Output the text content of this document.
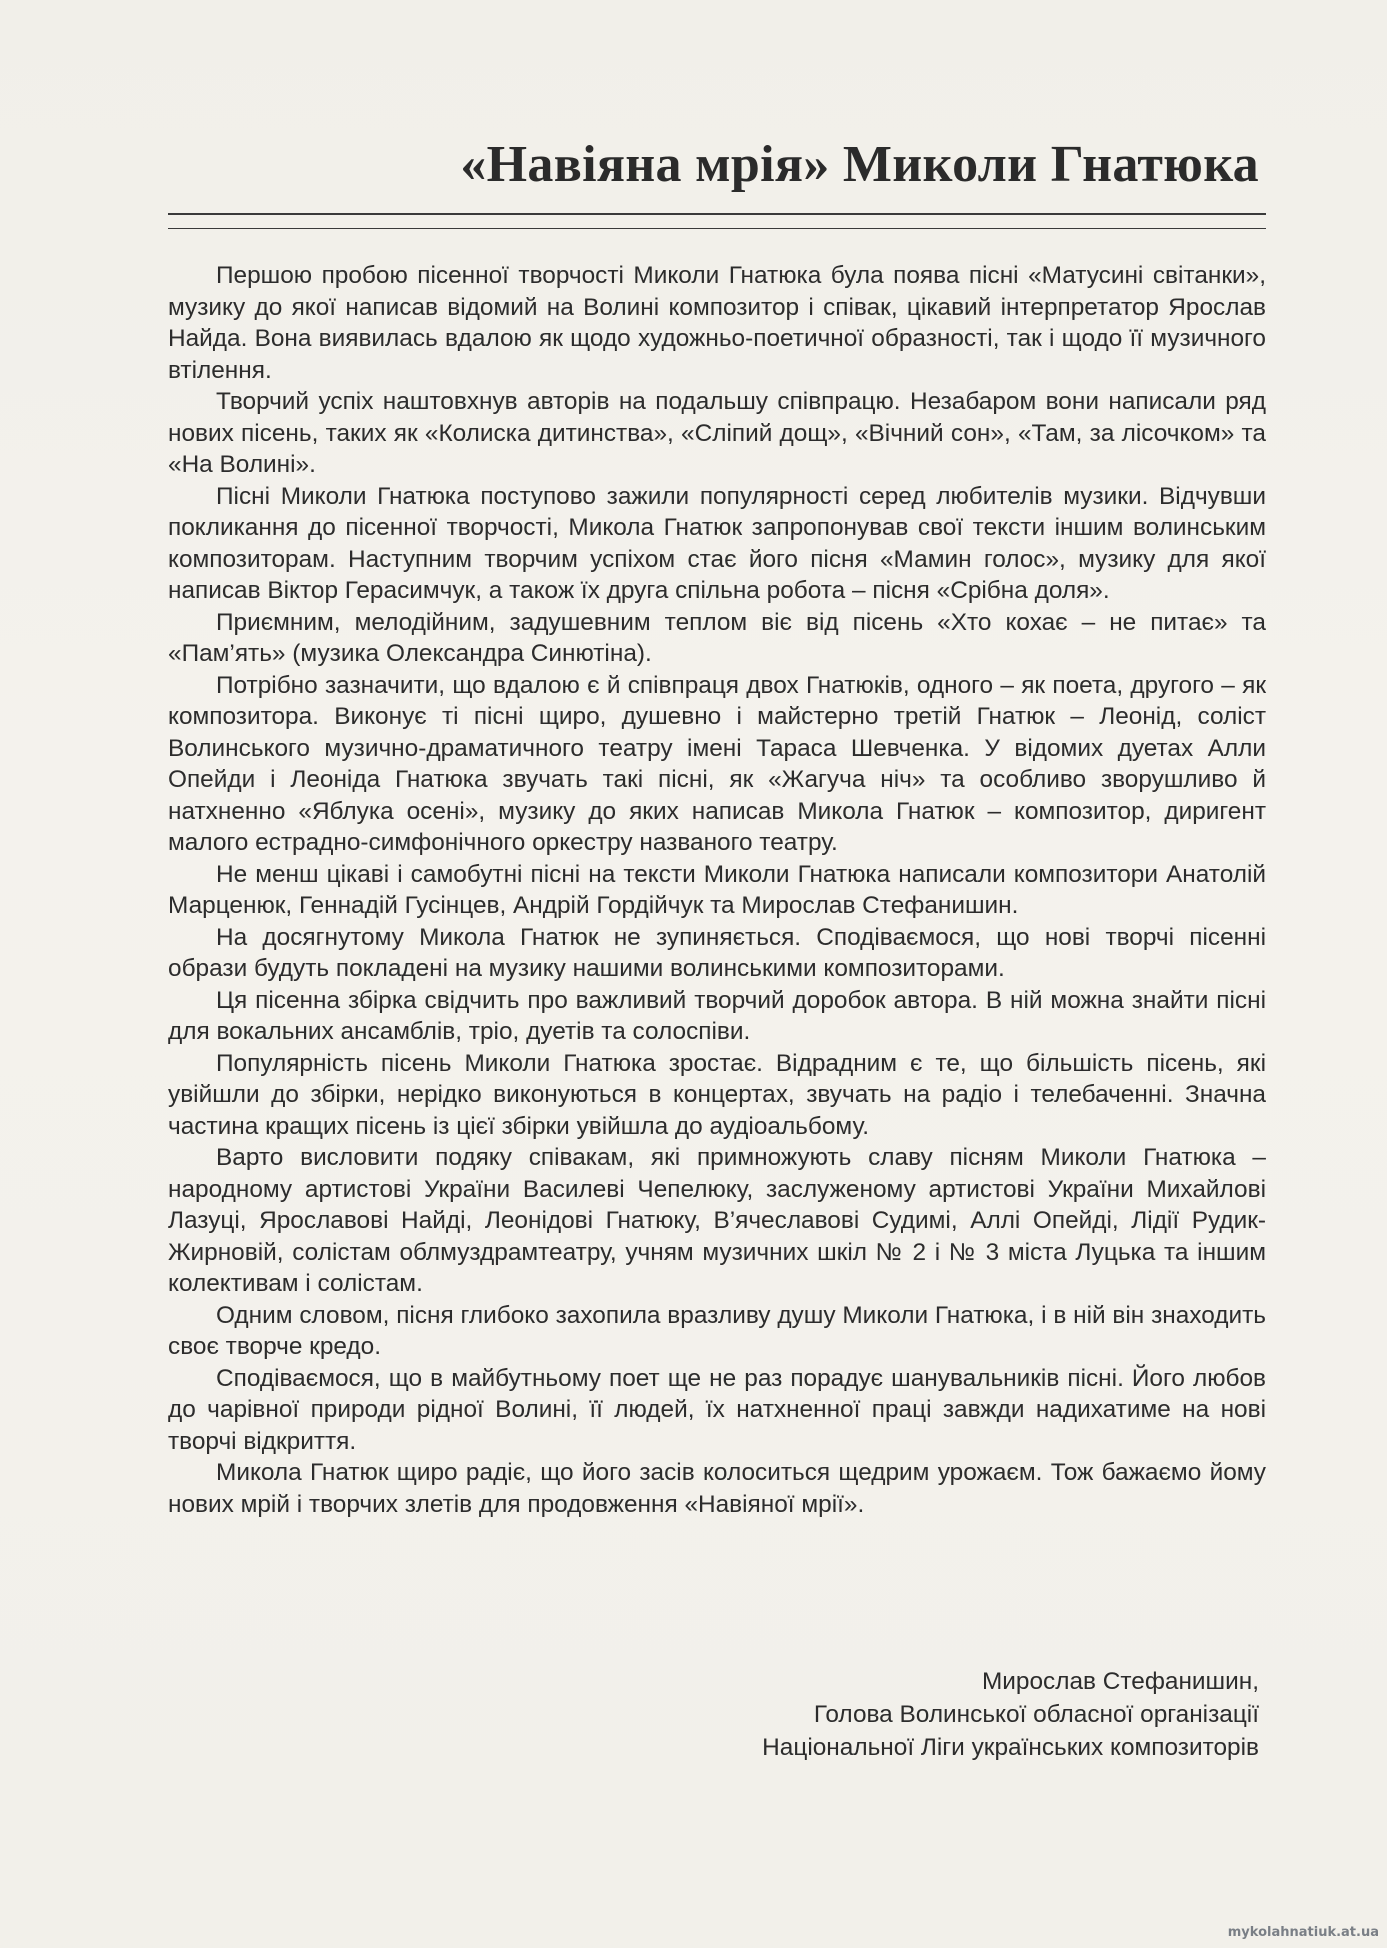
«Навіяна мрія» Миколи Гнатюка

Першою пробою пісенної творчості Миколи Гнатюка була поява пісні «Матусині світанки», музику до якої написав відомий на Волині композитор і співак, цікавий інтерпретатор Ярослав Найда. Вона виявилась вдалою як щодо художньо-поетичної образності, так і щодо її музичного втілення.

Творчий успіх наштовхнув авторів на подальшу співпрацю. Незабаром вони написали ряд нових пісень, таких як «Колиска дитинства», «Сліпий дощ», «Вічний сон», «Там, за лісочком» та «На Волині».

Пісні Миколи Гнатюка поступово зажили популярності серед любителів музики. Відчувши покликання до пісенної творчості, Микола Гнатюк запропонував свої тексти іншим волинським композиторам. Наступним творчим успіхом стає його пісня «Мамин голос», музику для якої написав Віктор Герасимчук, а також їх друга спільна робота – пісня «Срібна доля».

Приємним, мелодійним, задушевним теплом віє від пісень «Хто кохає – не питає» та «Пам’ять» (музика Олександра Синютіна).

Потрібно зазначити, що вдалою є й співпраця двох Гнатюків, одного – як поета, другого – як композитора. Виконує ті пісні щиро, душевно і майстерно третій Гнатюк – Леонід, соліст Волинського музично-драматичного театру імені Тараса Шевченка. У відомих дуетах Алли Опейди і Леоніда Гнатюка звучать такі пісні, як «Жагуча ніч» та особливо зворушливо й натхненно «Яблука осені», музику до яких написав Микола Гнатюк – композитор, диригент малого естрадно-симфонічного оркестру названого театру.

Не менш цікаві і самобутні пісні на тексти Миколи Гнатюка написали композитори Анатолій Марценюк, Геннадій Гусінцев, Андрій Гордійчук та Мирослав Стефанишин.

На досягнутому Микола Гнатюк не зупиняється. Сподіваємося, що нові творчі пісенні образи будуть покладені на музику нашими волинськими композиторами.

Ця пісенна збірка свідчить про важливий творчий доробок автора. В ній можна знайти пісні для вокальних ансамблів, тріо, дуетів та солоспіви.

Популярність пісень Миколи Гнатюка зростає. Відрадним є те, що більшість пісень, які увійшли до збірки, нерідко виконуються в концертах, звучать на радіо і телебаченні. Значна частина кращих пісень із цієї збірки увійшла до аудіоальбому.

Варто висловити подяку співакам, які примножують славу пісням Миколи Гнатюка – народному артистові України Василеві Чепелюку, заслуженому артистові України Михайлові Лазуці, Ярославові Найді, Леонідові Гнатюку, В’ячеславові Судимі, Аллі Опейді, Лідії Рудик-Жирновій, солістам облмуздрамтеатру, учням музичних шкіл № 2 і № 3 міста Луцька та іншим колективам і солістам.

Одним словом, пісня глибоко захопила вразливу душу Миколи Гнатюка, і в ній він знаходить своє творче кредо.

Сподіваємося, що в майбутньому поет ще не раз порадує шанувальників пісні. Його любов до чарівної природи рідної Волині, її людей, їх натхненної праці завжди надихатиме на нові творчі відкриття.

Микола Гнатюк щиро радіє, що його засів колоситься щедрим урожаєм. Тож бажаємо йому нових мрій і творчих злетів для продовження «Навіяної мрії».

Мирослав Стефанишин,
Голова Волинської обласної організації
Національної Ліги українських композиторів
mykolahnatiuk.at.ua
